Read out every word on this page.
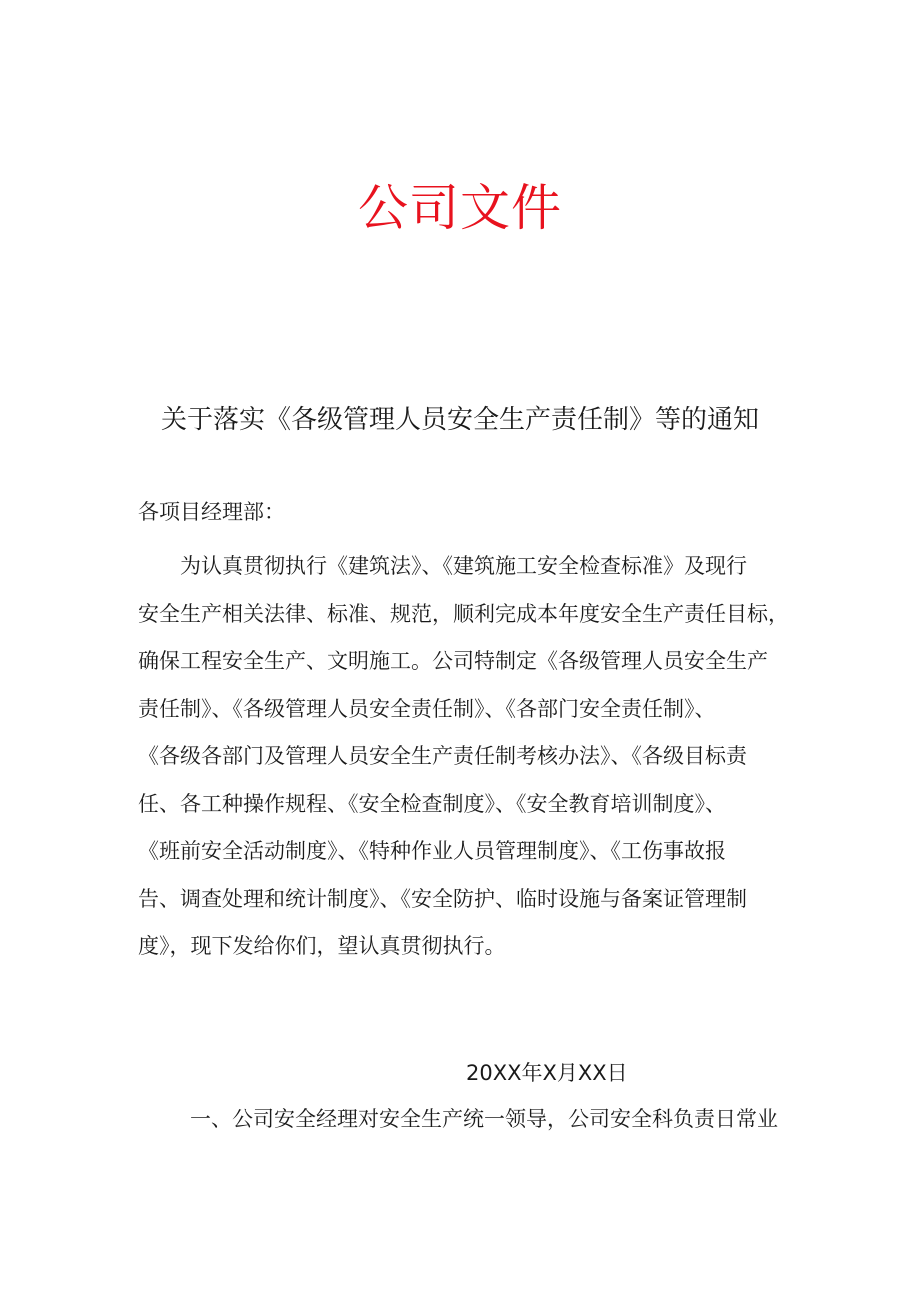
公司文件
关于落实《各级管理人员安全生产责任制》等的通知

各项目经理部：

为认真贯彻执行《建筑法》、《建筑施工安全检查标准》及现行
安全生产相关法律、标准、规范，顺利完成本年度安全生产责任目标，
确保工程安全生产、文明施工。公司特制定《各级管理人员安全生产
责任制》、《各级管理人员安全责任制》、《各部门安全责任制》、
《各级各部门及管理人员安全生产责任制考核办法》、《各级目标责
任、各工种操作规程、《安全检查制度》、《安全教育培训制度》、
《班前安全活动制度》、《特种作业人员管理制度》、《工伤事故报
告、调查处理和统计制度》、《安全防护、临时设施与备案证管理制
度》，现下发给你们，望认真贯彻执行。

20XX年X月XX日

一、公司安全经理对安全生产统一领导，公司安全科负责日常业
